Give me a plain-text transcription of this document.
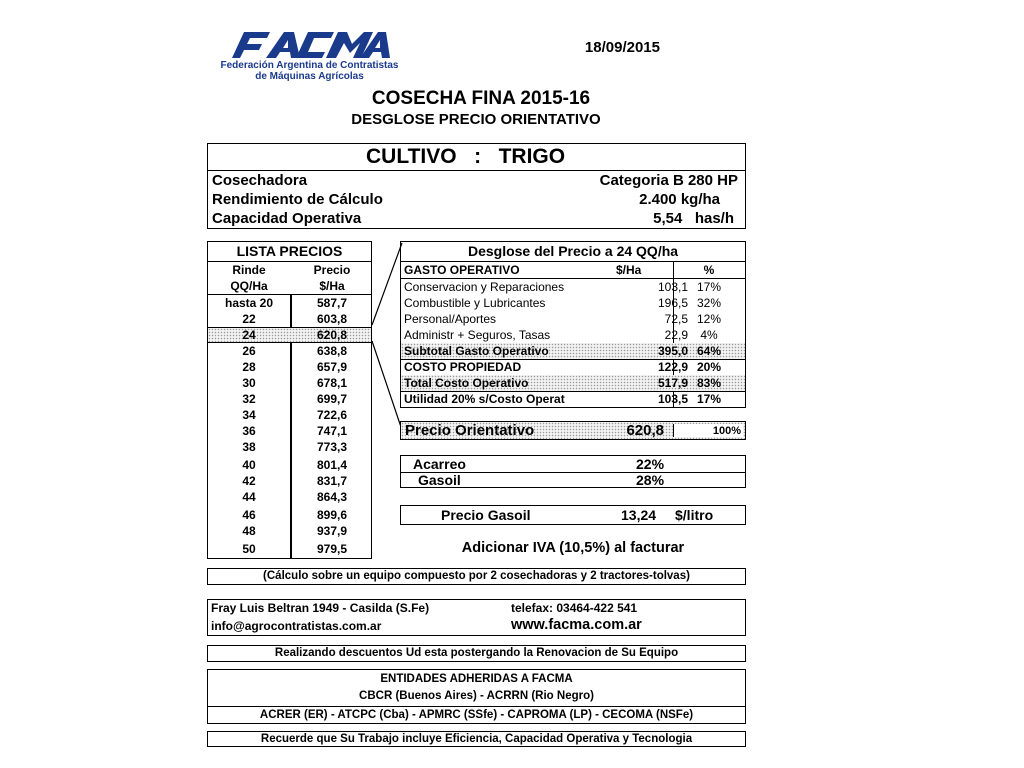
Federación Argentina de Contratistas
de Máquinas Agrícolas
18/09/2015
COSECHA FINA 2015-16
DESGLOSE PRECIO ORIENTATIVO
CULTIVO   :   TRIGO
Cosechadora	Categoria B 280 HP
Rendimiento de Cálculo	2.400 kg/ha
Capacidad Operativa	5,54   has/h
LISTA PRECIOS
Rinde	Precio
QQ/Ha	$/Ha
hasta 20	587,7
22	603,8
24	620,8
26	638,8
28	657,9
30	678,1
32	699,7
34	722,6
36	747,1
38	773,3
40	801,4
42	831,7
44	864,3
46	899,6
48	937,9
50	979,5
Desglose del Precio a 24 QQ/ha
GASTO OPERATIVO	$/Ha	%
Conservacion y Reparaciones	103,1 17%
Combustible y Lubricantes	196,5 32%
Personal/Aportes	72,5 12%
Administr + Seguros, Tasas	22,9	4%
Subtotal Gasto Operativo	395,0 64%
COSTO PROPIEDAD	122,9 20%
Total Costo Operativo	517,9 83%
Utilidad 20% s/Costo Operat	103,5 17%
Precio Orientativo	620,8	100%
Acarreo	22%
Gasoil	28%
Precio Gasoil	13,24 $/litro
Adicionar IVA (10,5%) al facturar
(Cálculo sobre un equipo compuesto por 2 cosechadoras y 2 tractores-tolvas)
Fray Luis Beltran 1949 - Casilda (S.Fe)	telefax: 03464-422 541
info@agrocontratistas.com.ar	www.facma.com.ar
Realizando descuentos Ud esta postergando la Renovacion de Su Equipo
ENTIDADES ADHERIDAS A FACMA
CBCR (Buenos Aires) - ACRRN (Rio Negro)
ACRER (ER) - ATCPC (Cba) - APMRC (SSfe) - CAPROMA (LP) - CECOMA (NSFe)
Recuerde que Su Trabajo incluye Eficiencia, Capacidad Operativa y Tecnologia
